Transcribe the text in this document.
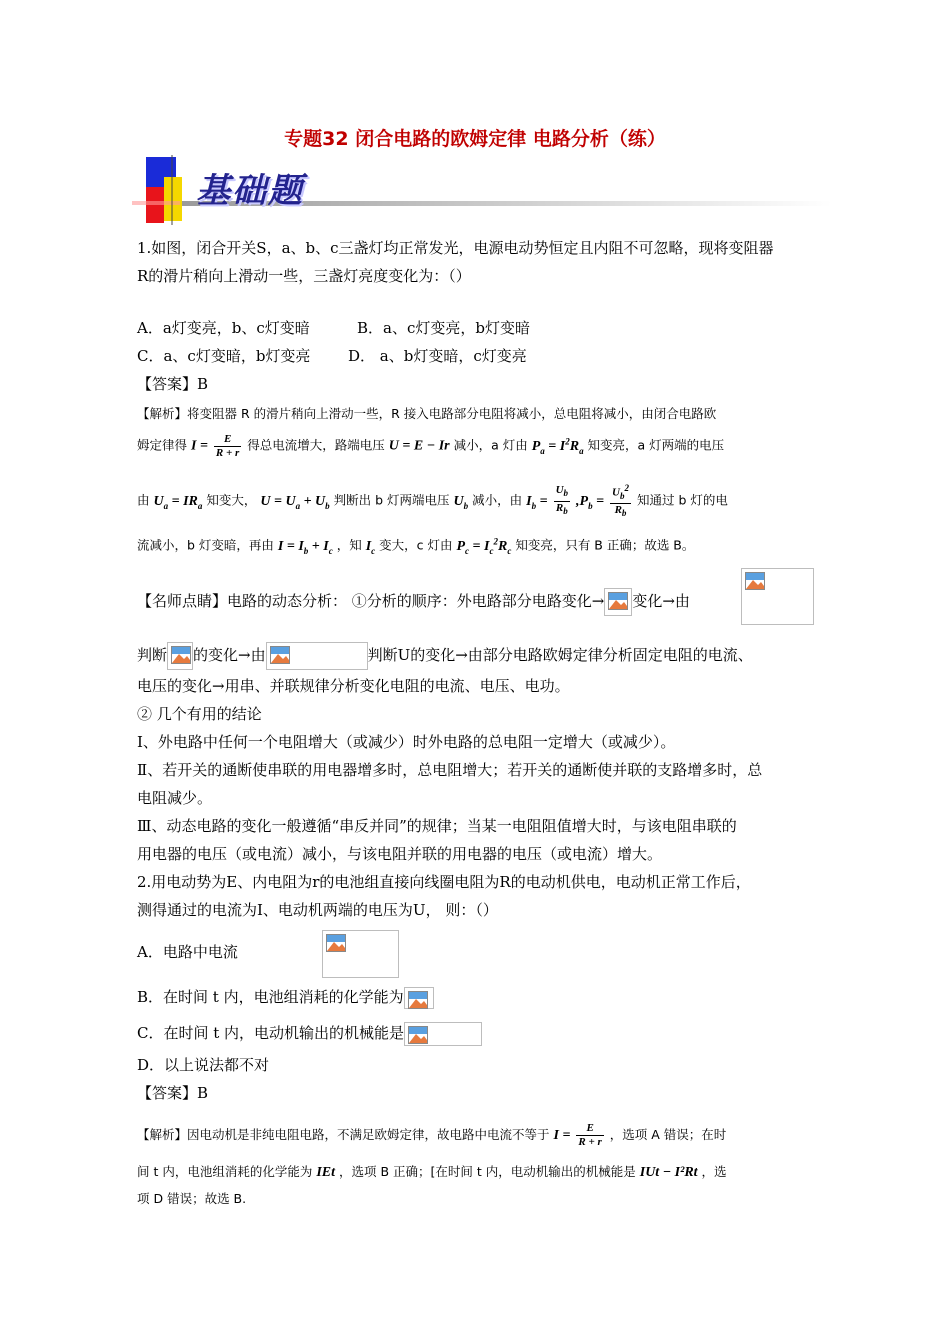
专题32 闭合电路的欧姆定律 电路分析（练）
基础题
1.如图，闭合开关S，a、b、c三盏灯均正常发光，电源电动势恒定且内阻不可忽略，现将变阻器
R的滑片稍向上滑动一些，三盏灯亮度变化为：（）
A．a灯变亮，b、c灯变暗	B．a、c灯变亮，b灯变暗
C．a、c灯变暗，b灯变亮	D． a、b灯变暗，c灯变亮
【答案】B
【解析】将变阻器 R 的滑片稍向上滑动一些，R 接入电路部分电阻将减小，总电阻将减小，由闭合电路欧
姆定律得 $I = \frac{E}{R + r}$ 得总电流增大，路端电压 U = E − Ir 减小，a 灯由 $P_a = I^2R_a$ 知变亮，a 灯两端的电压
由 $U_a = IR_a$ 知变大， $U = U_a + U_b$ 判断出 b 灯两端电压 $U_b$ 减小，由 $I_b = \frac{U_b}{R_b} ,P_b = \frac{U_b^2}{R_b}$ 知通过 b 灯的电
流减小，b 灯变暗，再由 $I = I_b + I_c$ ，知 $I_c$ 变大，c 灯由 $P_c = I_c^2R_c$ 知变亮，只有 B 正确；故选 B。
【名师点睛】电路的动态分析： ①分析的顺序：外电路部分电路变化→ 变化→由

判断 的变化→由	判断U的变化→由部分电路欧姆定律分析固定电阻的电流、
电压的变化→用串、并联规律分析变化电阻的电流、电压、电功。
② 几个有用的结论
Ⅰ、外电路中任何一个电阻增大（或减少）时外电路的总电阻一定增大（或减少）。
Ⅱ、若开关的通断使串联的用电器增多时，总电阻增大；若开关的通断使并联的支路增多时，总
电阻减少。
Ⅲ、动态电路的变化一般遵循“串反并同”的规律；当某一电阻阻值增大时，与该电阻串联的
用电器的电压（或电流）减小，与该电阻并联的用电器的电压（或电流）增大。
2.用电动势为E、内电阻为r的电池组直接向线圈电阻为R的电动机供电，电动机正常工作后，
测得通过的电流为I、电动机两端的电压为U， 则：（）
A．电路中电流
B．在时间 t 内，电池组消耗的化学能为
C．在时间 t 内，电动机输出的机械能是
D．以上说法都不对
【答案】B
【解析】因电动机是非纯电阻电路，不满足欧姆定律，故电路中电流不等于 $I = \frac{E}{R + r}$ ，选项 A 错误；在时
间 t 内，电池组消耗的化学能为 IEt ，选项 B 正确；[在时间 t 内，电动机输出的机械能是 IUt − I²Rt ，选
项 D 错误；故选 B.
